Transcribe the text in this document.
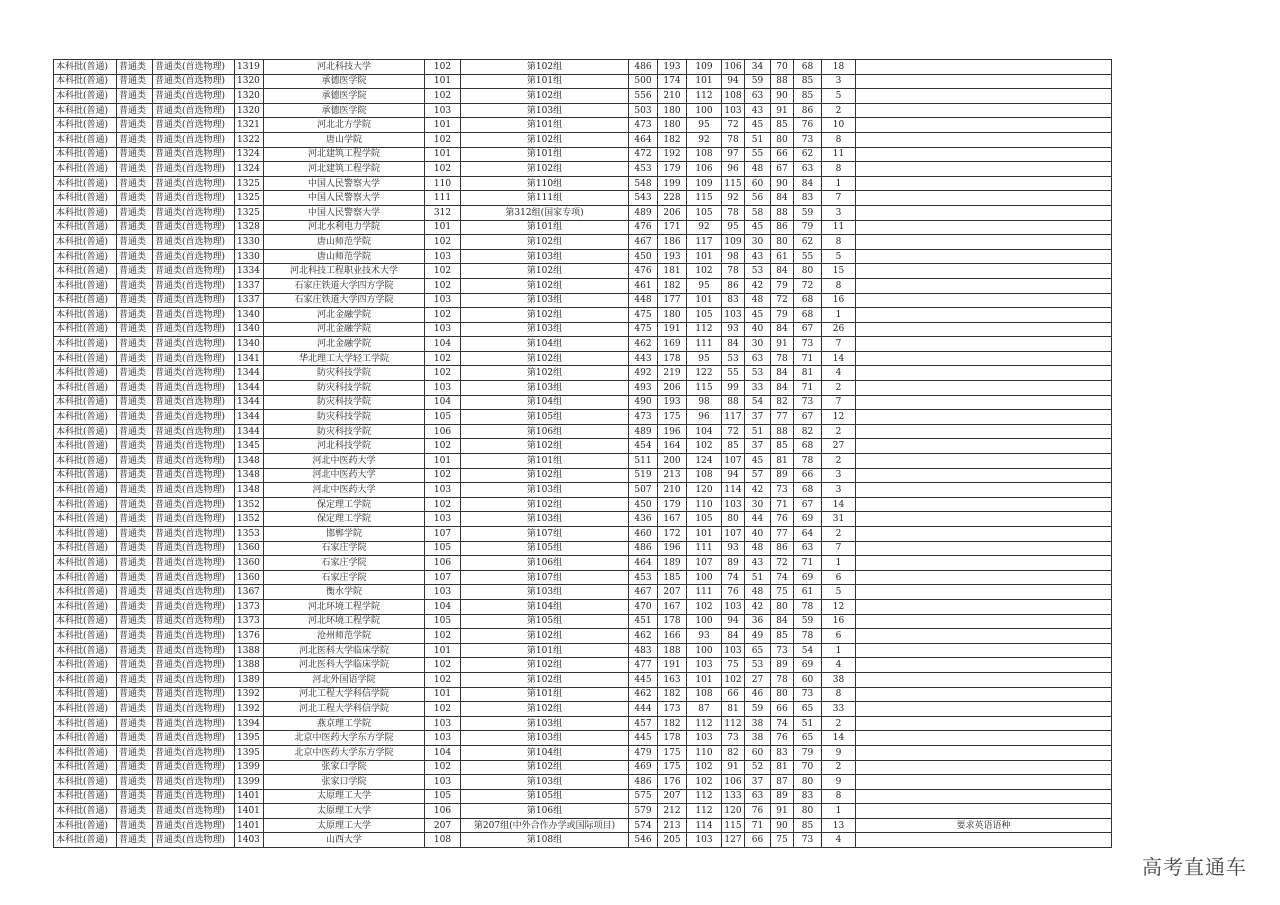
本科批(普通)	普通类	普通类(首选物理)	1319	河北科技大学	102	第102组	486	193	109	106	34	70	68	18	
本科批(普通)	普通类	普通类(首选物理)	1320	承德医学院	101	第101组	500	174	101	94	59	88	85	3	
本科批(普通)	普通类	普通类(首选物理)	1320	承德医学院	102	第102组	556	210	112	108	63	90	85	5	
本科批(普通)	普通类	普通类(首选物理)	1320	承德医学院	103	第103组	503	180	100	103	43	91	86	2	
本科批(普通)	普通类	普通类(首选物理)	1321	河北北方学院	101	第101组	473	180	95	72	45	85	76	10	
本科批(普通)	普通类	普通类(首选物理)	1322	唐山学院	102	第102组	464	182	92	78	51	80	73	8	
本科批(普通)	普通类	普通类(首选物理)	1324	河北建筑工程学院	101	第101组	472	192	108	97	55	66	62	11	
本科批(普通)	普通类	普通类(首选物理)	1324	河北建筑工程学院	102	第102组	453	179	106	96	48	67	63	8	
本科批(普通)	普通类	普通类(首选物理)	1325	中国人民警察大学	110	第110组	548	199	109	115	60	90	84	1	
本科批(普通)	普通类	普通类(首选物理)	1325	中国人民警察大学	111	第111组	543	228	115	92	56	84	83	7	
本科批(普通)	普通类	普通类(首选物理)	1325	中国人民警察大学	312	第312组(国家专项)	489	206	105	78	58	88	59	3	
本科批(普通)	普通类	普通类(首选物理)	1328	河北水利电力学院	101	第101组	476	171	92	95	45	86	79	11	
本科批(普通)	普通类	普通类(首选物理)	1330	唐山师范学院	102	第102组	467	186	117	109	30	80	62	8	
本科批(普通)	普通类	普通类(首选物理)	1330	唐山师范学院	103	第103组	450	193	101	98	43	61	55	5	
本科批(普通)	普通类	普通类(首选物理)	1334	河北科技工程职业技术大学	102	第102组	476	181	102	78	53	84	80	15	
本科批(普通)	普通类	普通类(首选物理)	1337	石家庄铁道大学四方学院	102	第102组	461	182	95	86	42	79	72	8	
本科批(普通)	普通类	普通类(首选物理)	1337	石家庄铁道大学四方学院	103	第103组	448	177	101	83	48	72	68	16	
本科批(普通)	普通类	普通类(首选物理)	1340	河北金融学院	102	第102组	475	180	105	103	45	79	68	1	
本科批(普通)	普通类	普通类(首选物理)	1340	河北金融学院	103	第103组	475	191	112	93	40	84	67	26	
本科批(普通)	普通类	普通类(首选物理)	1340	河北金融学院	104	第104组	462	169	111	84	30	91	73	7	
本科批(普通)	普通类	普通类(首选物理)	1341	华北理工大学轻工学院	102	第102组	443	178	95	53	63	78	71	14	
本科批(普通)	普通类	普通类(首选物理)	1344	防灾科技学院	102	第102组	492	219	122	55	53	84	81	4	
本科批(普通)	普通类	普通类(首选物理)	1344	防灾科技学院	103	第103组	493	206	115	99	33	84	71	2	
本科批(普通)	普通类	普通类(首选物理)	1344	防灾科技学院	104	第104组	490	193	98	88	54	82	73	7	
本科批(普通)	普通类	普通类(首选物理)	1344	防灾科技学院	105	第105组	473	175	96	117	37	77	67	12	
本科批(普通)	普通类	普通类(首选物理)	1344	防灾科技学院	106	第106组	489	196	104	72	51	88	82	2	
本科批(普通)	普通类	普通类(首选物理)	1345	河北科技学院	102	第102组	454	164	102	85	37	85	68	27	
本科批(普通)	普通类	普通类(首选物理)	1348	河北中医药大学	101	第101组	511	200	124	107	45	81	78	2	
本科批(普通)	普通类	普通类(首选物理)	1348	河北中医药大学	102	第102组	519	213	108	94	57	89	66	3	
本科批(普通)	普通类	普通类(首选物理)	1348	河北中医药大学	103	第103组	507	210	120	114	42	73	68	3	
本科批(普通)	普通类	普通类(首选物理)	1352	保定理工学院	102	第102组	450	179	110	103	30	71	67	14	
本科批(普通)	普通类	普通类(首选物理)	1352	保定理工学院	103	第103组	436	167	105	80	44	76	69	31	
本科批(普通)	普通类	普通类(首选物理)	1353	邯郸学院	107	第107组	460	172	101	107	40	77	64	2	
本科批(普通)	普通类	普通类(首选物理)	1360	石家庄学院	105	第105组	486	196	111	93	48	86	63	7	
本科批(普通)	普通类	普通类(首选物理)	1360	石家庄学院	106	第106组	464	189	107	89	43	72	71	1	
本科批(普通)	普通类	普通类(首选物理)	1360	石家庄学院	107	第107组	453	185	100	74	51	74	69	6	
本科批(普通)	普通类	普通类(首选物理)	1367	衡水学院	103	第103组	467	207	111	76	48	75	61	5	
本科批(普通)	普通类	普通类(首选物理)	1373	河北环境工程学院	104	第104组	470	167	102	103	42	80	78	12	
本科批(普通)	普通类	普通类(首选物理)	1373	河北环境工程学院	105	第105组	451	178	100	94	36	84	59	16	
本科批(普通)	普通类	普通类(首选物理)	1376	沧州师范学院	102	第102组	462	166	93	84	49	85	78	6	
本科批(普通)	普通类	普通类(首选物理)	1388	河北医科大学临床学院	101	第101组	483	188	100	103	65	73	54	1	
本科批(普通)	普通类	普通类(首选物理)	1388	河北医科大学临床学院	102	第102组	477	191	103	75	53	89	69	4	
本科批(普通)	普通类	普通类(首选物理)	1389	河北外国语学院	102	第102组	445	163	101	102	27	78	60	38	
本科批(普通)	普通类	普通类(首选物理)	1392	河北工程大学科信学院	101	第101组	462	182	108	66	46	80	73	8	
本科批(普通)	普通类	普通类(首选物理)	1392	河北工程大学科信学院	102	第102组	444	173	87	81	59	66	65	33	
本科批(普通)	普通类	普通类(首选物理)	1394	燕京理工学院	103	第103组	457	182	112	112	38	74	51	2	
本科批(普通)	普通类	普通类(首选物理)	1395	北京中医药大学东方学院	103	第103组	445	178	103	73	38	76	65	14	
本科批(普通)	普通类	普通类(首选物理)	1395	北京中医药大学东方学院	104	第104组	479	175	110	82	60	83	79	9	
本科批(普通)	普通类	普通类(首选物理)	1399	张家口学院	102	第102组	469	175	102	91	52	81	70	2	
本科批(普通)	普通类	普通类(首选物理)	1399	张家口学院	103	第103组	486	176	102	106	37	87	80	9	
本科批(普通)	普通类	普通类(首选物理)	1401	太原理工大学	105	第105组	575	207	112	133	63	89	83	8	
本科批(普通)	普通类	普通类(首选物理)	1401	太原理工大学	106	第106组	579	212	112	120	76	91	80	1	
本科批(普通)	普通类	普通类(首选物理)	1401	太原理工大学	207	第207组(中外合作办学或国际项目)	574	213	114	115	71	90	85	13	要求英语语种
本科批(普通)	普通类	普通类(首选物理)	1403	山西大学	108	第108组	546	205	103	127	66	75	73	4	
高考直通车
